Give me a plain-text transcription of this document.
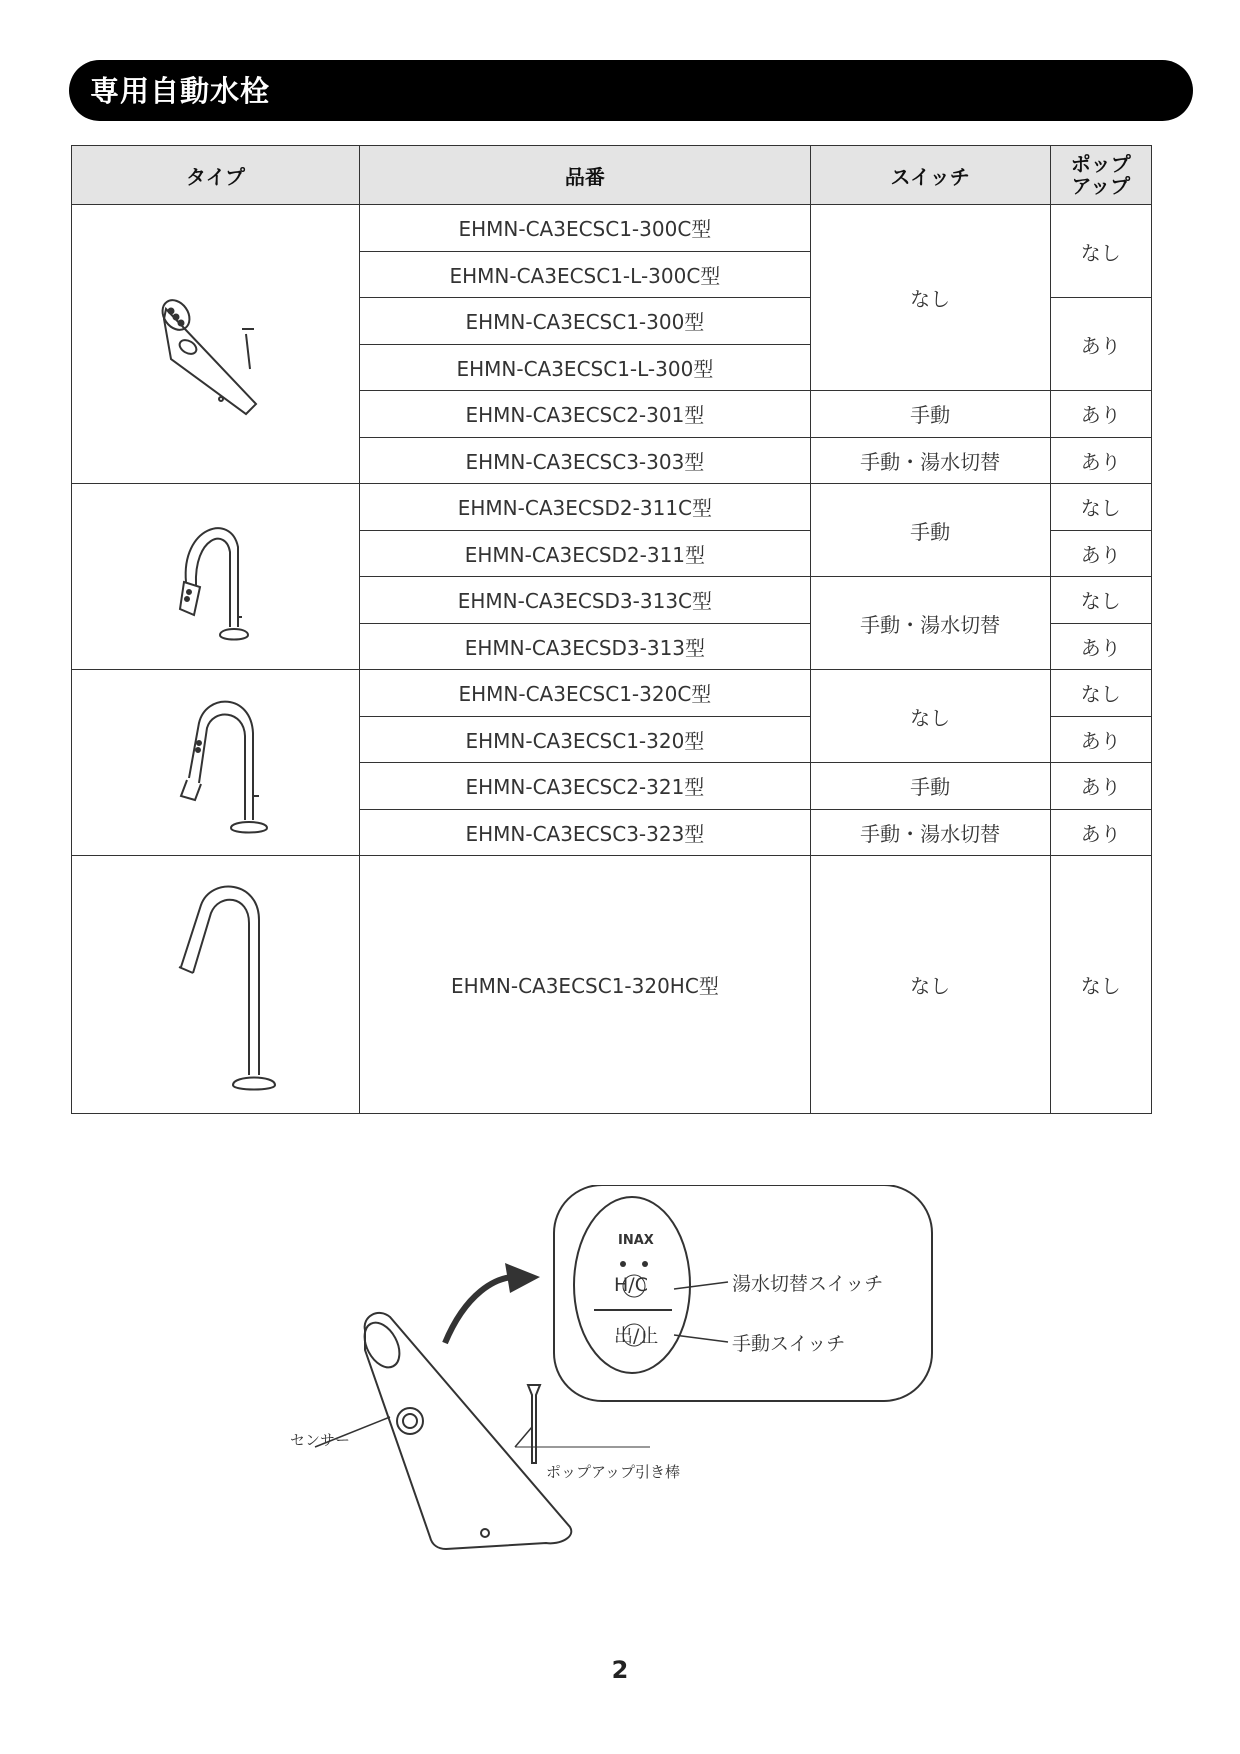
専用自動水栓
タイプ	品番	スイッチ	ポップ
アップ

	EHMN-CA3ECSC1-300C型	なし	なし
	EHMN-CA3ECSC1-L-300C型		
	EHMN-CA3ECSC1-300型		あり
	EHMN-CA3ECSC1-L-300型		
	EHMN-CA3ECSC2-301型	手動	あり
	EHMN-CA3ECSC3-303型	手動・湯水切替	あり

	EHMN-CA3ECSD2-311C型	手動	なし
	EHMN-CA3ECSD2-311型		あり
	EHMN-CA3ECSD3-313C型	手動・湯水切替	なし
	EHMN-CA3ECSD3-313型		あり

	EHMN-CA3ECSC1-320C型	なし	なし
	EHMN-CA3ECSC1-320型		あり
	EHMN-CA3ECSC2-321型	手動	あり
	EHMN-CA3ECSC3-323型	手動・湯水切替	あり

	EHMN-CA3ECSC1-320HC型	なし	なし
INAX
H/C
出/止
湯水切替スイッチ
手動スイッチ
センサー
ポップアップ引き棒
2
